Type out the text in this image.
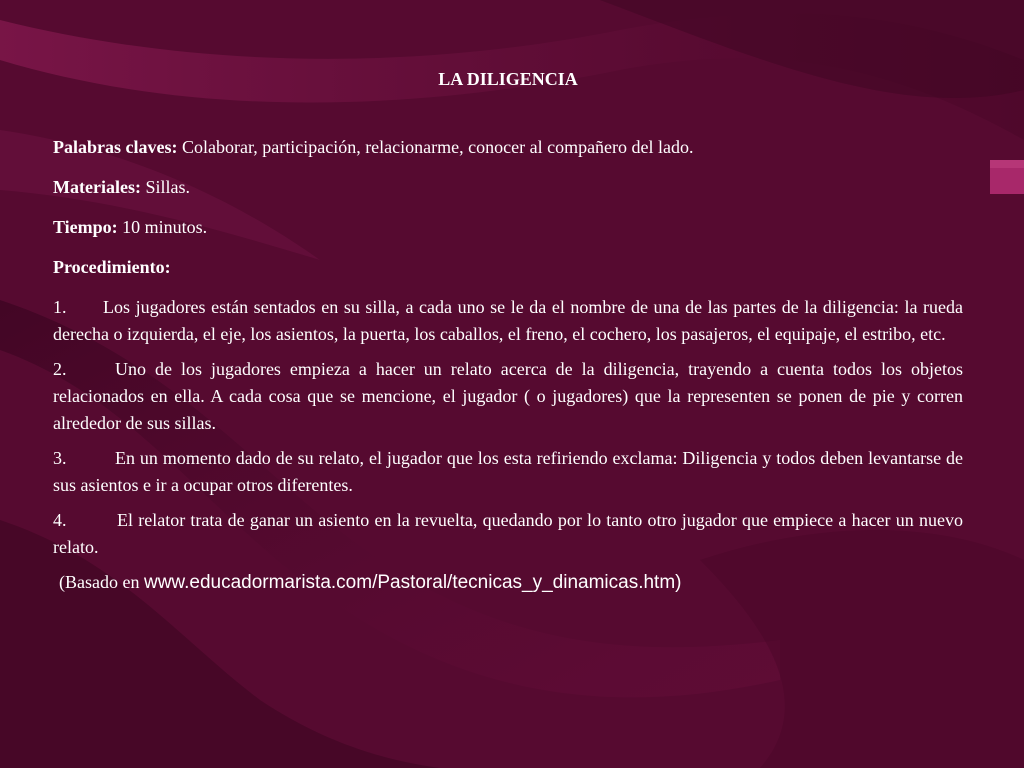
LA DILIGENCIA

Palabras claves: Colaborar, participación, relacionarme, conocer al compañero del lado.

Materiales: Sillas.

Tiempo: 10 minutos.

Procedimiento:

1. Los jugadores están sentados en su silla, a cada uno se le da el nombre de una de las partes de la diligencia: la rueda derecha o izquierda, el eje, los asientos, la puerta, los caballos, el freno, el cochero, los pasajeros, el equipaje, el estribo, etc.

2.	Uno de los jugadores empieza a hacer un relato acerca de la diligencia, trayendo a cuenta todos los objetos relacionados en ella. A cada cosa que se mencione, el jugador ( o jugadores) que la representen se ponen de pie y corren alrededor de sus sillas.

3.	En un momento dado de su relato, el jugador que los esta refiriendo exclama: Diligencia y todos deben levantarse de sus asientos e ir a ocupar otros diferentes.

4.	El relator trata de ganar un asiento en la revuelta, quedando por lo tanto otro jugador que empiece a hacer un nuevo relato.

(Basado en www.educadormarista.com/Pastoral/tecnicas_y_dinamicas.htm)
